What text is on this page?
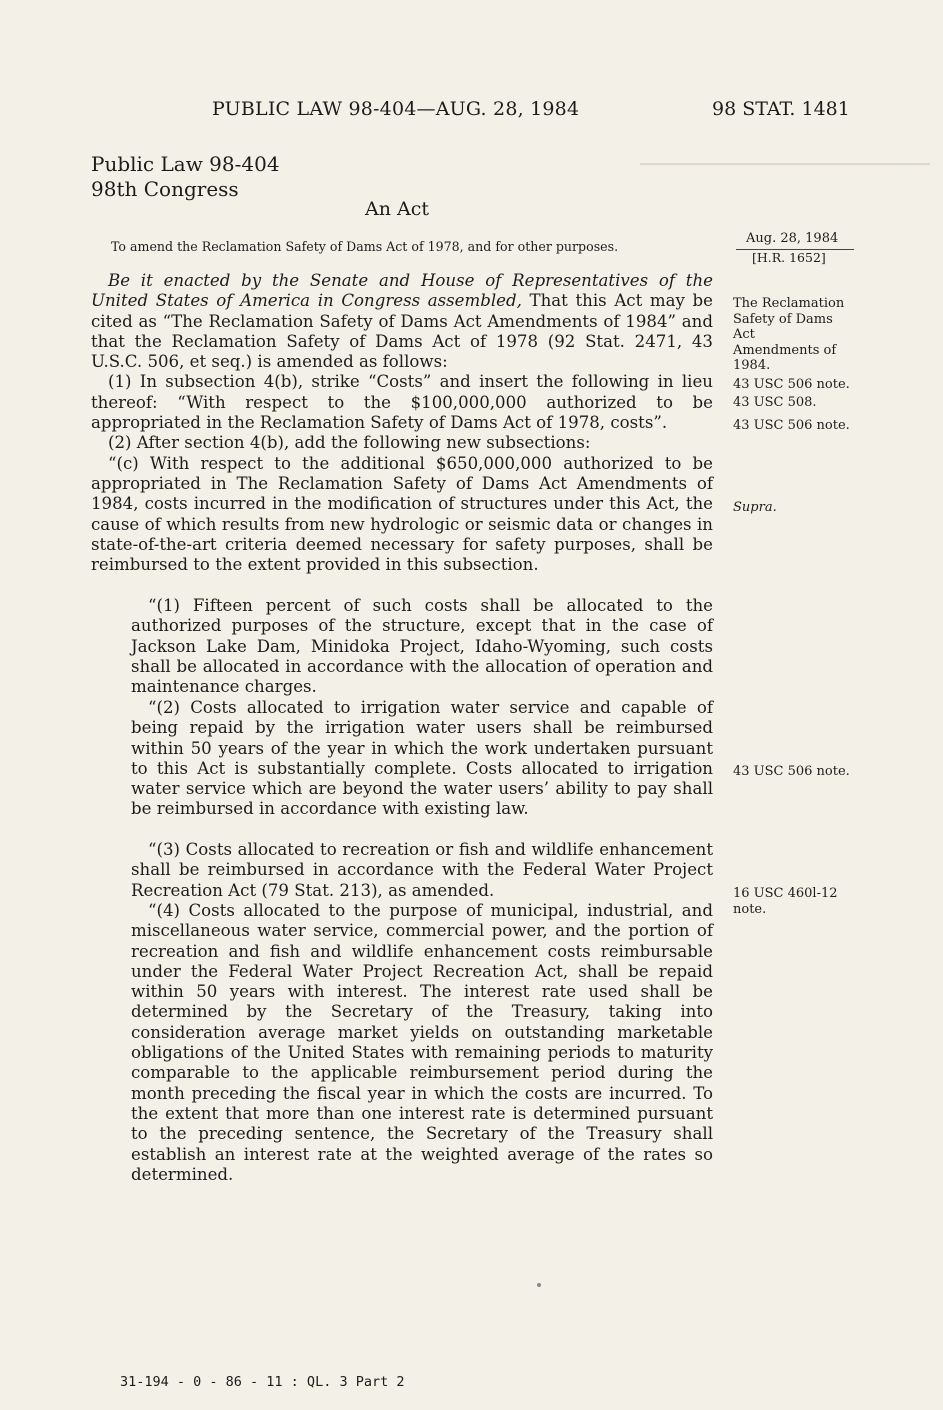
▁▁▁▁▁▁▁▁▁▁▁▁▁▁▁▁▁▁▁▁▁▁▁▁▁▁▁▁▁
PUBLIC LAW 98-404—AUG. 28, 1984	98 STAT. 1481
Public Law 98-404
98th Congress
An Act
To amend the Reclamation Safety of Dams Act of 1978, and for other purposes.
Aug. 28, 1984
[H.R. 1652]

Be it enacted by the Senate and House of Representatives of the United States of America in Congress assembled, That this Act may be cited as “The Reclamation Safety of Dams Act Amendments of 1984” and that the Reclamation Safety of Dams Act of 1978 (92 Stat. 2471, 43 U.S.C. 506, et seq.) is amended as follows:

(1) In subsection 4(b), strike “Costs” and insert the following in lieu thereof: “With respect to the $100,000,000 authorized to be appropriated in the Reclamation Safety of Dams Act of 1978, costs”.

(2) After section 4(b), add the following new subsections:

“(c) With respect to the additional $650,000,000 authorized to be appropriated in The Reclamation Safety of Dams Act Amendments of 1984, costs incurred in the modification of structures under this Act, the cause of which results from new hydrologic or seismic data or changes in state-of-the-art criteria deemed necessary for safety purposes, shall be reimbursed to the extent provided in this subsection.

“(1) Fifteen percent of such costs shall be allocated to the authorized purposes of the structure, except that in the case of Jackson Lake Dam, Minidoka Project, Idaho-Wyoming, such costs shall be allocated in accordance with the allocation of operation and maintenance charges.

“(2) Costs allocated to irrigation water service and capable of being repaid by the irrigation water users shall be reimbursed within 50 years of the year in which the work undertaken pursuant to this Act is substantially complete. Costs allocated to irrigation water service which are beyond the water users’ ability to pay shall be reimbursed in accordance with existing law.

“(3) Costs allocated to recreation or fish and wildlife enhancement shall be reimbursed in accordance with the Federal Water Project Recreation Act (79 Stat. 213), as amended.

“(4) Costs allocated to the purpose of municipal, industrial, and miscellaneous water service, commercial power, and the portion of recreation and fish and wildlife enhancement costs reimbursable under the Federal Water Project Recreation Act, shall be repaid within 50 years with interest. The interest rate used shall be determined by the Secretary of the Treasury, taking into consideration average market yields on outstanding marketable obligations of the United States with remaining periods to maturity comparable to the applicable reimbursement period during the month preceding the fiscal year in which the costs are incurred. To the extent that more than one interest rate is determined pursuant to the preceding sentence, the Secretary of the Treasury shall establish an interest rate at the weighted average of the rates so determined.

The Reclamation
Safety of Dams
Act
Amendments of
1984.
43 USC 506 note.
43 USC 508.
43 USC 506 note.
Supra.
43 USC 506 note.
16 USC 460l-12
note.
31-194 - 0 - 86 - 11 : QL. 3 Part 2
